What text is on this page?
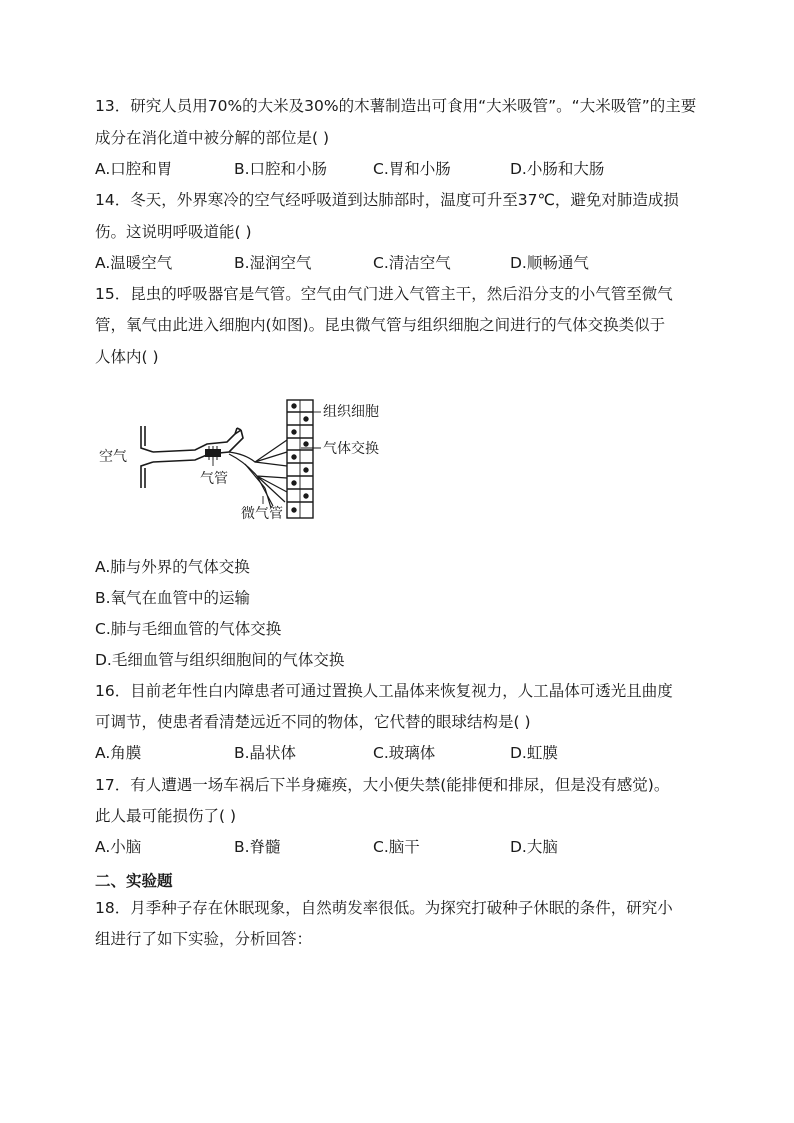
13．研究人员用70%的大米及30%的木薯制造出可食用“大米吸管”。“大米吸管”的主要
成分在消化道中被分解的部位是( )
A.口腔和胃	B.口腔和小肠	C.胃和小肠	D.小肠和大肠
14．冬天，外界寒冷的空气经呼吸道到达肺部时，温度可升至37℃，避免对肺造成损
伤。这说明呼吸道能( )
A.温暖空气	B.湿润空气	C.清洁空气	D.顺畅通气
15．昆虫的呼吸器官是气管。空气由气门进入气管主干，然后沿分支的小气管至微气
管，氧气由此进入细胞内(如图)。昆虫微气管与组织细胞之间进行的气体交换类似于
人体内( )
组织细胞
气体交换
空气
气管
微气管
A.肺与外界的气体交换
B.氧气在血管中的运输
C.肺与毛细血管的气体交换
D.毛细血管与组织细胞间的气体交换
16．目前老年性白内障患者可通过置换人工晶体来恢复视力，人工晶体可透光且曲度
可调节，使患者看清楚远近不同的物体，它代替的眼球结构是( )
A.角膜	B.晶状体	C.玻璃体	D.虹膜
17．有人遭遇一场车祸后下半身瘫痪，大小便失禁(能排便和排尿，但是没有感觉)。
此人最可能损伤了( )
A.小脑	B.脊髓	C.脑干	D.大脑
二、实验题
18．月季种子存在休眠现象，自然萌发率很低。为探究打破种子休眠的条件，研究小
组进行了如下实验，分析回答：
